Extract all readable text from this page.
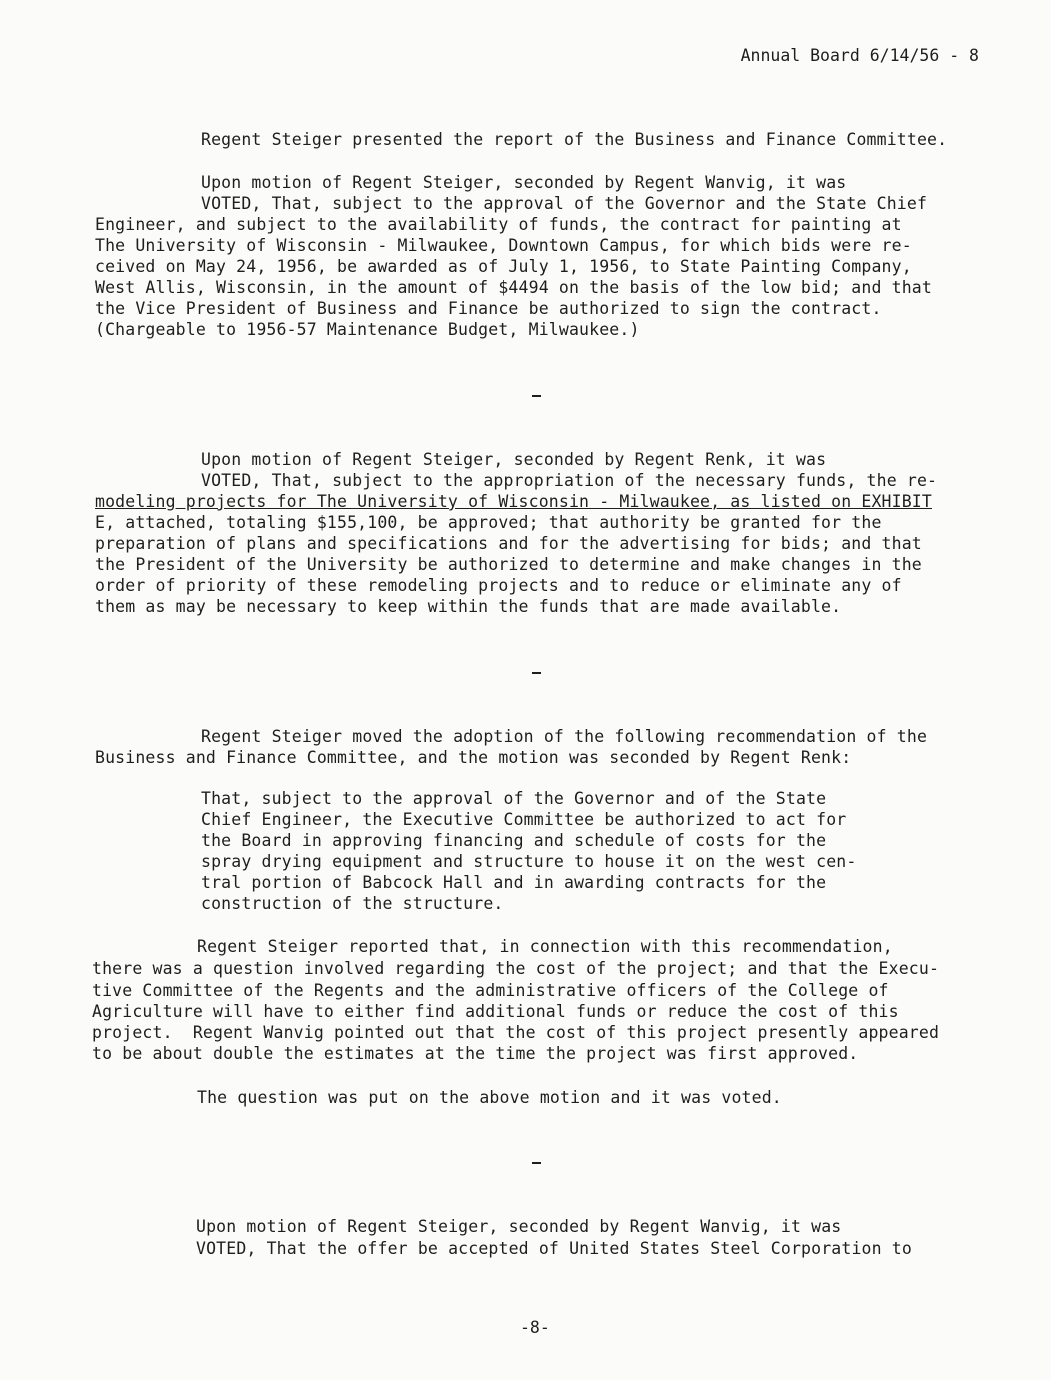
Annual Board 6/14/56 - 8
Regent Steiger presented the report of the Business and Finance Committee.
Upon motion of Regent Steiger, seconded by Regent Wanvig, it was
VOTED, That, subject to the approval of the Governor and the State Chief
Engineer, and subject to the availability of funds, the contract for painting at
The University of Wisconsin - Milwaukee, Downtown Campus, for which bids were re-
ceived on May 24, 1956, be awarded as of July 1, 1956, to State Painting Company,
West Allis, Wisconsin, in the amount of $4494 on the basis of the low bid; and that
the Vice President of Business and Finance be authorized to sign the contract.
(Chargeable to 1956-57 Maintenance Budget, Milwaukee.)
Upon motion of Regent Steiger, seconded by Regent Renk, it was
VOTED, That, subject to the appropriation of the necessary funds, the re-
modeling projects for The University of Wisconsin - Milwaukee, as listed on EXHIBIT
E, attached, totaling $155,100, be approved; that authority be granted for the
preparation of plans and specifications and for the advertising for bids; and that
the President of the University be authorized to determine and make changes in the
order of priority of these remodeling projects and to reduce or eliminate any of
them as may be necessary to keep within the funds that are made available.
Regent Steiger moved the adoption of the following recommendation of the
Business and Finance Committee, and the motion was seconded by Regent Renk:
That, subject to the approval of the Governor and of the State
Chief Engineer, the Executive Committee be authorized to act for
the Board in approving financing and schedule of costs for the
spray drying equipment and structure to house it on the west cen-
tral portion of Babcock Hall and in awarding contracts for the
construction of the structure.
Regent Steiger reported that, in connection with this recommendation,
there was a question involved regarding the cost of the project; and that the Execu-
tive Committee of the Regents and the administrative officers of the College of
Agriculture will have to either find additional funds or reduce the cost of this
project.  Regent Wanvig pointed out that the cost of this project presently appeared
to be about double the estimates at the time the project was first approved.
The question was put on the above motion and it was voted.
Upon motion of Regent Steiger, seconded by Regent Wanvig, it was
VOTED, That the offer be accepted of United States Steel Corporation to
-8-
